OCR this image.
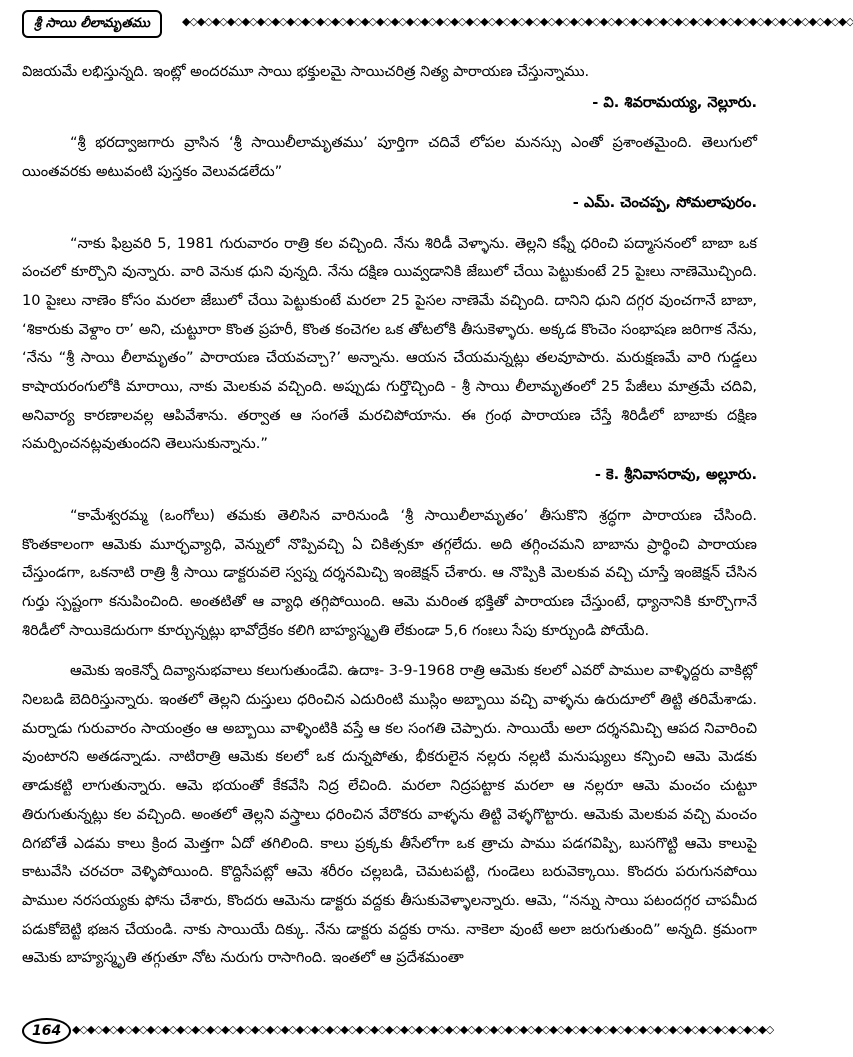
శ్రీ సాయి లీలామృతము	◆◇◆◇◆◇◆◇◆◇◆◇◆◇◆◇◆◇◆◇◆◇◆◇◆◇◆◇◆◇◆◇◆◇◆◇◆◇◆◇◆◇◆◇◆◇◆◇◆◇◆◇◆◇◆◇◆◇◆◇◆◇◆◇◆◇◆◇◆◇◆◇◆◇◆◇◆◇◆◇◆◇◆◇◆◇◆◇◆◇

విజయమే లభిస్తున్నది. ఇంట్లో అందరమూ సాయి భక్తులమై సాయిచరిత్ర నిత్య పారాయణ చేస్తున్నాము.

- వి. శివరామయ్య, నెల్లూరు.

“శ్రీ భరద్వాజగారు వ్రాసిన ‘శ్రీ సాయిలీలామృతము’ పూర్తిగా చదివే లోపల మనస్సు ఎంతో ప్రశాంతమైంది. తెలుగులో యింతవరకు అటువంటి పుస్తకం వెలువడలేదు”

- ఎమ్. చెంచప్ప, సోమలాపురం.

“నాకు ఫిబ్రవరి 5, 1981 గురువారం రాత్రి కల వచ్చింది. నేను శిరిడీ వెళ్ళాను. తెల్లని కఫ్నీ ధరించి పద్మాసనంలో బాబా ఒక పంచలో కూర్చొని వున్నారు. వారి వెనుక ధుని వున్నది. నేను దక్షిణ యివ్వడానికి జేబులో చేయి పెట్టుకుంటే 25 పైఃలు నాణెమొచ్చింది. 10 పైఃలు నాణెం కోసం మరలా జేబులో చేయి పెట్టుకుంటే మరలా 25 పైసల నాణెమే వచ్చింది. దానిని ధుని దగ్గర వుంచగానే బాబా, ‘శికారుకు వెళ్దాం రా’ అని, చుట్టూరా కొంత ప్రహరీ, కొంత కంచెగల ఒక తోటలోకి తీసుకెళ్ళారు. అక్కడ కొంచెం సంభాషణ జరిగాక నేను, ‘నేను “శ్రీ సాయి లీలామృతం” పారాయణ చేయవచ్చా?’ అన్నాను. ఆయన చేయమన్నట్లు తలవూపారు. మరుక్షణమే వారి గుడ్డలు కాషాయరంగులోకి మారాయి, నాకు మెలకువ వచ్చింది. అప్పుడు గుర్తొచ్చింది - శ్రీ సాయి లీలామృతంలో 25 పేజీలు మాత్రమే చదివి, అనివార్య కారణాలవల్ల ఆపివేశాను. తర్వాత ఆ సంగతే మరచిపోయాను. ఈ గ్రంథ పారాయణ చేస్తే శిరిడీలో బాబాకు దక్షిణ సమర్పించనట్లవుతుందని తెలుసుకున్నాను.”

- కె. శ్రీనివాసరావు, అల్లూరు.

“కామేశ్వరమ్మ (ఒంగోలు) తమకు తెలిసిన వారినుండి ‘శ్రీ సాయిలీలామృతం’ తీసుకొని శ్రద్ధగా పారాయణ చేసింది. కొంతకాలంగా ఆమెకు మూర్ఛవ్యాధి, వెన్నులో నొప్పివచ్చి ఏ చికిత్సకూ తగ్గలేదు. అది తగ్గించమని బాబాను ప్రార్థించి పారాయణ చేస్తుండగా, ఒకనాటి రాత్రి శ్రీ సాయి డాక్టరువలె స్వప్న దర్శనమిచ్చి ఇంజెక్షన్ చేశారు. ఆ నొప్పికి మెలకువ వచ్చి చూస్తే ఇంజెక్షన్ చేసిన గుర్తు స్పష్టంగా కనుపించింది. అంతటితో ఆ వ్యాధి తగ్గిపోయింది. ఆమె మరింత భక్తితో పారాయణ చేస్తుంటే, ధ్యానానికి కూర్చొగానే శిరిడీలో సాయికెదురుగా కూర్చున్నట్లు భావోద్రేకం కలిగి బాహ్యస్మృతి లేకుండా 5,6 గంఃలు సేపు కూర్చుండి పోయేది.

ఆమెకు ఇంకెన్నో దివ్యానుభవాలు కలుగుతుండేవి. ఉదాః- 3-9-1968 రాత్రి ఆమెకు కలలో ఎవరో పాముల వాళ్ళిద్దరు వాకిట్లో నిలబడి బెదిరిస్తున్నారు. ఇంతలో తెల్లని దుస్తులు ధరించిన ఎదురింటి ముస్లిం అబ్బాయి వచ్చి వాళ్ళను ఉరుదూలో తిట్టి తరిమేశాడు. మర్నాడు గురువారం సాయంత్రం ఆ అబ్బాయి వాళ్ళింటికి వస్తే ఆ కల సంగతి చెప్పారు. సాయియే అలా దర్శనమిచ్చి ఆపద నివారించి వుంటారని అతడన్నాడు. నాటిరాత్రి ఆమెకు కలలో ఒక దున్నపోతు, భీకరులైన నల్లరు నల్లటి మనుష్యులు కన్పించి ఆమె మెడకు తాడుకట్టి లాగుతున్నారు. ఆమె భయంతో కేకవేసి నిద్ర లేచింది. మరలా నిద్రపట్టాక మరలా ఆ నల్లరూ ఆమె మంచం చుట్టూ తిరుగుతున్నట్లు కల వచ్చింది. అంతలో తెల్లని వస్త్రాలు ధరించిన వేరొకరు వాళ్ళను తిట్టి వెళ్ళగొట్టారు. ఆమెకు మెలకువ వచ్చి మంచం దిగబోతే ఎడమ కాలు క్రింద మెత్తగా ఏదో తగిలింది. కాలు ప్రక్కకు తీసేలోగా ఒక త్రాచు పాము పడగవిప్పి, బుసగొట్టి ఆమె కాలుపై కాటువేసి చరచరా వెళ్ళిపోయింది. కొద్దిసేపట్లో ఆమె శరీరం చల్లబడి, చెమటపట్టి, గుండెలు బరువెక్కాయి. కొందరు పరుగునపోయి పాముల నరసయ్యకు ఫోను చేశారు, కొందరు ఆమెను డాక్టరు వద్దకు తీసుకువెళ్ళాలన్నారు. ఆమె, “నన్ను సాయి పటందగ్గర చాపమీద పడుకోబెట్టి భజన చేయండి. నాకు సాయియే దిక్కు. నేను డాక్టరు వద్దకు రాను. నాకెలా వుంటే అలా జరుగుతుంది” అన్నది. క్రమంగా ఆమెకు బాహ్యస్మృతి తగ్గుతూ నోట నురుగు రాసాగింది. ఇంతలో ఆ ప్రదేశమంతా

164 ◆◇◆◇◆◇◆◇◆◇◆◇◆◇◆◇◆◇◆◇◆◇◆◇◆◇◆◇◆◇◆◇◆◇◆◇◆◇◆◇◆◇◆◇◆◇◆◇◆◇◆◇◆◇◆◇◆◇◆◇◆◇◆◇◆◇◆◇◆◇◆◇◆◇◆◇◆◇◆◇◆◇◆◇◆◇◆◇◆◇◆◇◆◇
